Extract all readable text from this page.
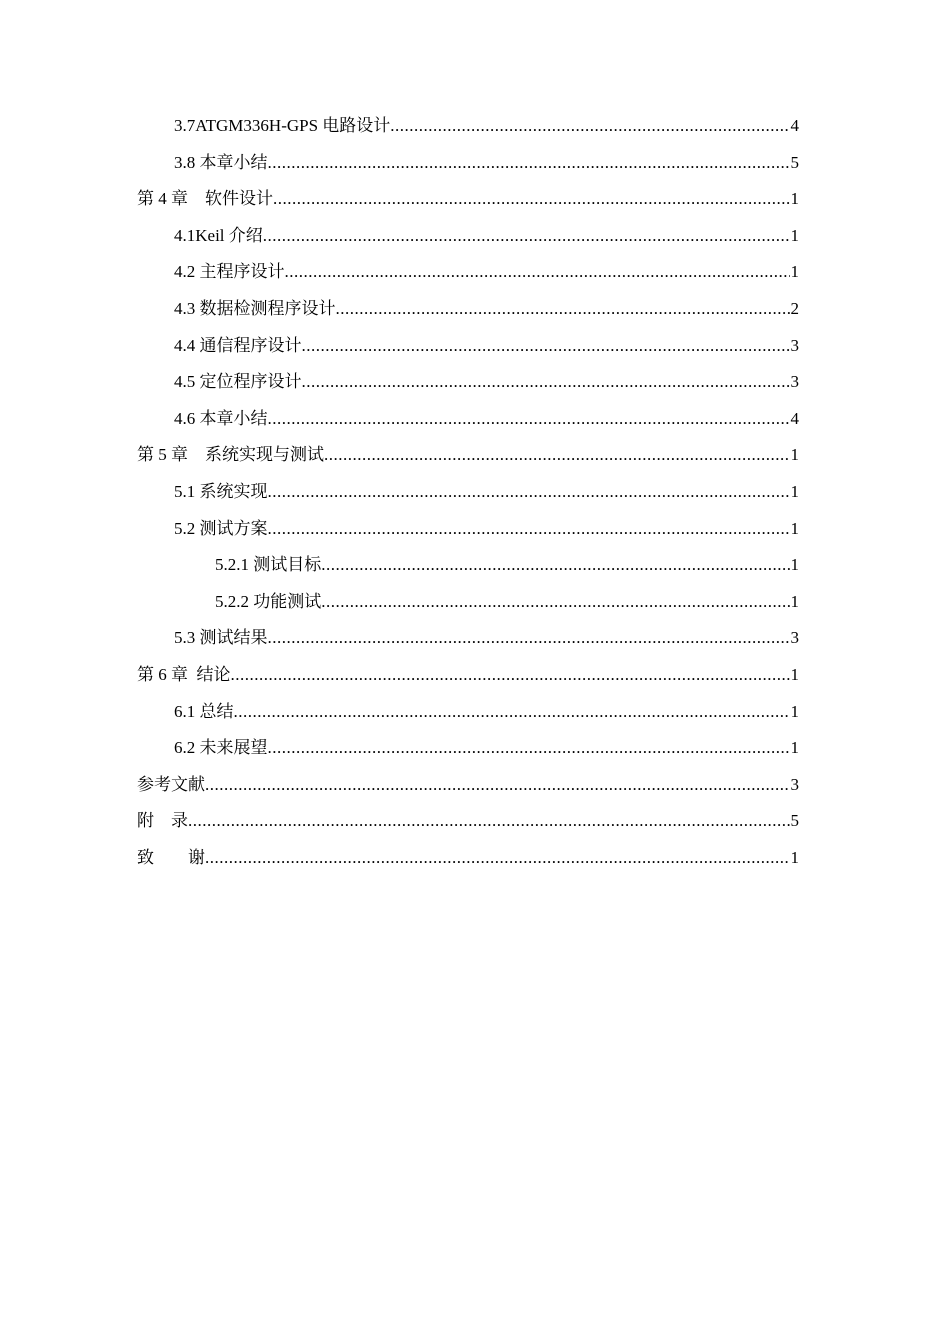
3.7ATGM336H-GPS 电路设计 .....	4
3.8 本章小结 .....	5
第 4 章    软件设计 .....	1
4.1Keil 介绍 .....	1
4.2 主程序设计 .....	1
4.3 数据检测程序设计 .....	2
4.4 通信程序设计 .....	3
4.5 定位程序设计 .....	3
4.6 本章小结 .....	4
第 5 章    系统实现与测试 .....	1
5.1 系统实现 .....	1
5.2 测试方案 .....	1
5.2.1 测试目标 .....	1
5.2.2 功能测试 .....	1
5.3 测试结果 .....	3
第 6 章  结论 .....	1
6.1 总结 .....	1
6.2 未来展望 .....	1
参考文献 .....	3
附    录 .....	5
致        谢 .....	1
